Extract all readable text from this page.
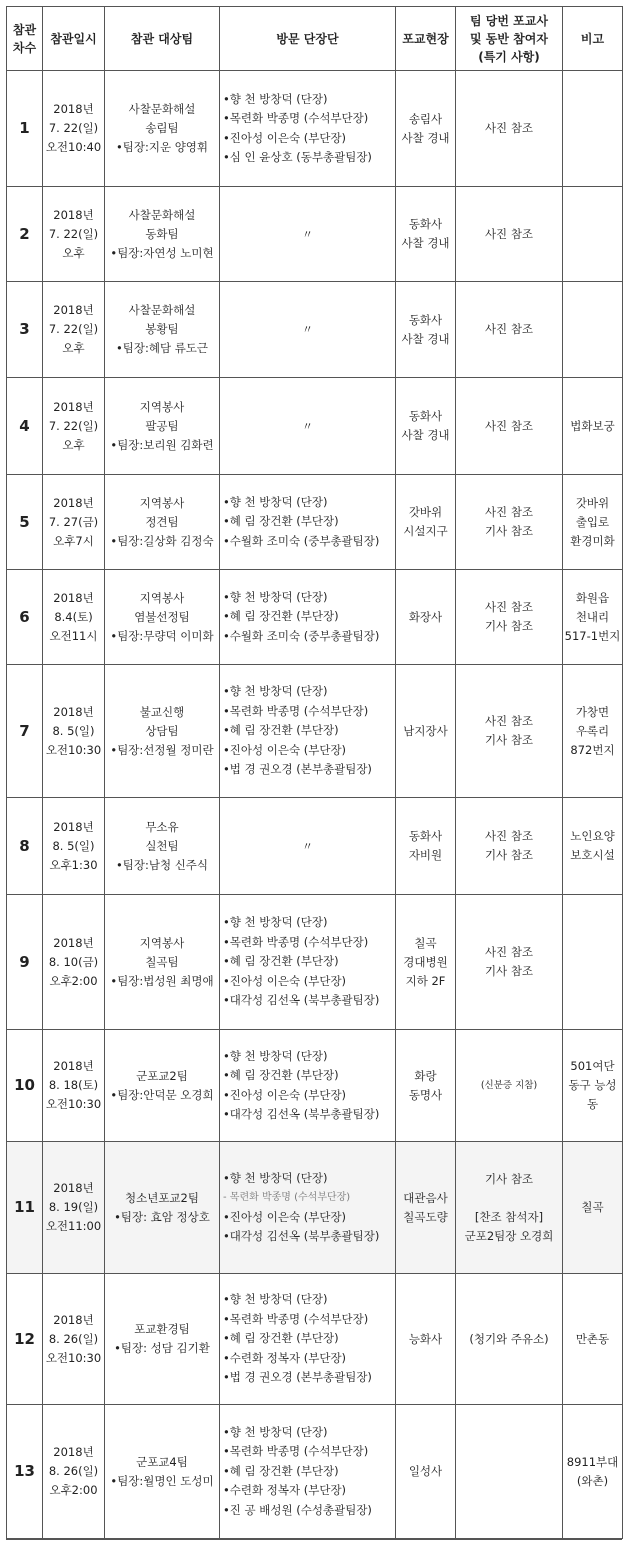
참관
차수	참관일시	참관 대상팀	방문 단장단	포교현장	팀 당번 포교사
및 동반 참여자
(특기 사항)	비고
1	2018년
7. 22(일)
오전10:40	사찰문화해설
송림팀
•팀장:지운 양영휘	•향 천 방창덕 (단장)
•목련화 박종명 (수석부단장)
•진아성 이은숙 (부단장)
•심 인 윤상호 (동부총괄팀장)	송림사
사찰 경내	사진 참조	

2	2018년
7. 22(일)
오후	사찰문화해설
동화팀
•팀장:자연성 노미현	〃	동화사
사찰 경내	사진 참조	

3	2018년
7. 22(일)
오후	사찰문화해설
봉황팀
•팀장:혜담 류도근	〃	동화사
사찰 경내	사진 참조	

4	2018년
7. 22(일)
오후	지역봉사
팔공팀
•팀장:보리원 김화련	〃	동화사
사찰 경내	사진 참조	법화보궁

5	2018년
7. 27(금)
오후7시	지역봉사
정견팀
•팀장:길상화 김정숙	•향 천 방창덕 (단장)
•혜 림 장건환 (부단장)
•수월화 조미숙 (중부총괄팀장)	갓바위
시설지구	사진 참조
기사 참조	갓바위
출입로
환경미화

6	2018년
8.4(토)
오전11시	지역봉사
염불선정팀
•팀장:무량덕 이미화	•향 천 방창덕 (단장)
•혜 림 장건환 (부단장)
•수월화 조미숙 (중부총괄팀장)	화장사	사진 참조
기사 참조	화원읍
천내리
517-1번지

7	2018년
8. 5(일)
오전10:30	불교신행
상담팀
•팀장:선정월 정미란	•향 천 방창덕 (단장)
•목련화 박종명 (수석부단장)
•혜 림 장건환 (부단장)
•진아성 이은숙 (부단장)
•법 경 권오경 (본부총괄팀장)	남지장사	사진 참조
기사 참조	가창면
우록리
872번지

8	2018년
8. 5(일)
오후1:30	무소유
실천팀
•팀장:남청 신주식	〃	동화사
자비원	사진 참조
기사 참조	노인요양
보호시설

9	2018년
8. 10(금)
오후2:00	지역봉사
칠곡팀
•팀장:법성원 최명애	•향 천 방창덕 (단장)
•목련화 박종명 (수석부단장)
•혜 림 장건환 (부단장)
•진아성 이은숙 (부단장)
•대각성 김선옥 (북부총괄팀장)	칠곡
경대병원
지하 2F	사진 참조
기사 참조	

10	2018년
8. 18(토)
오전10:30	군포교2팀
•팀장:안덕문 오경희	•향 천 방창덕 (단장)
•혜 림 장건환 (부단장)
•진아성 이은숙 (부단장)
•대각성 김선옥 (북부총괄팀장)	화랑
동명사	(신분증 지참)	501여단
동구 능성동

11	2018년
8. 19(일)
오전11:00	청소년포교2팀
•팀장: 효암 정상호	•향 천 방창덕 (단장)
- 목련화 박종명 (수석부단장)
•진아성 이은숙 (부단장)
•대각성 김선옥 (북부총괄팀장)	대관음사
칠곡도량	기사 참조
[찬조 참석자]
군포2팀장 오경희	칠곡

12	2018년
8. 26(일)
오전10:30	포교환경팀
•팀장: 성담 김기환	•향 천 방창덕 (단장)
•목련화 박종명 (수석부단장)
•혜 림 장건환 (부단장)
•수련화 정복자 (부단장)
•법 경 권오경 (본부총괄팀장)	능화사	(청기와 주유소)	만촌동

13	2018년
8. 26(일)
오후2:00	군포교4팀
•팀장:월명인 도성미	•향 천 방창덕 (단장)
•목련화 박종명 (수석부단장)
•혜 림 장건환 (부단장)
•수련화 정복자 (부단장)
•진 공 배성원 (수성총괄팀장)	일성사		8911부대
(와촌)
